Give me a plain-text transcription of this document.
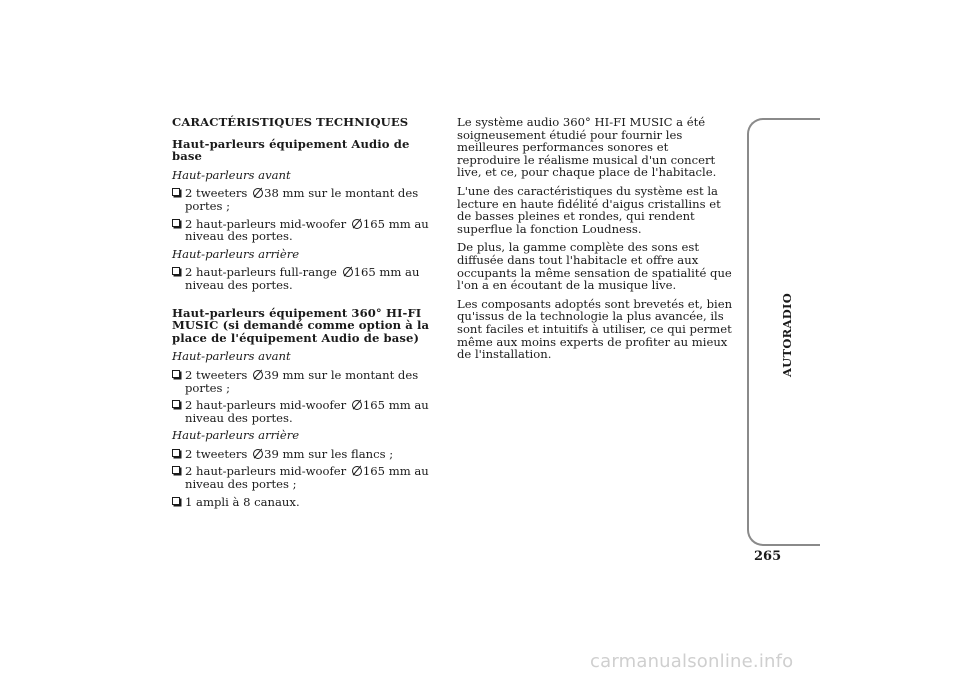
CARACTÉRISTIQUES TECHNIQUES
Haut-parleurs équipement Audio de base
Haut-parleurs avant
2 tweeters 38 mm sur le montant des portes ;
2 haut-parleurs mid-woofer 165 mm au niveau des portes.
Haut-parleurs arrière
2 haut-parleurs full-range 165 mm au niveau des portes.
Haut-parleurs équipement 360° HI-FI MUSIC (si demandé comme option à la place de l'équipement Audio de base)
Haut-parleurs avant
2 tweeters 39 mm sur le montant des portes ;
2 haut-parleurs mid-woofer 165 mm au niveau des portes.
Haut-parleurs arrière
2 tweeters 39 mm sur les flancs ;
2 haut-parleurs mid-woofer 165 mm au niveau des portes ;
1 ampli à 8 canaux.
Le système audio 360° HI-FI MUSIC a été soigneusement étudié pour fournir les meilleures performances sonores et reproduire le réalisme musical d'un concert live, et ce, pour chaque place de l'habitacle.
L'une des caractéristiques du système est la lecture en haute fidélité d'aigus cristallins et de basses pleines et rondes, qui rendent superflue la fonction Loudness.
De plus, la gamme complète des sons est diffusée dans tout l'habitacle et offre aux occupants la même sensation de spatialité que l'on a en écoutant de la musique live.
Les composants adoptés sont brevetés et, bien qu'issus de la technologie la plus avancée, ils sont faciles et intuitifs à utiliser, ce qui permet même aux moins experts de profiter au mieux de l'installation.	AUTORADIO
265
carmanualsonline.info
